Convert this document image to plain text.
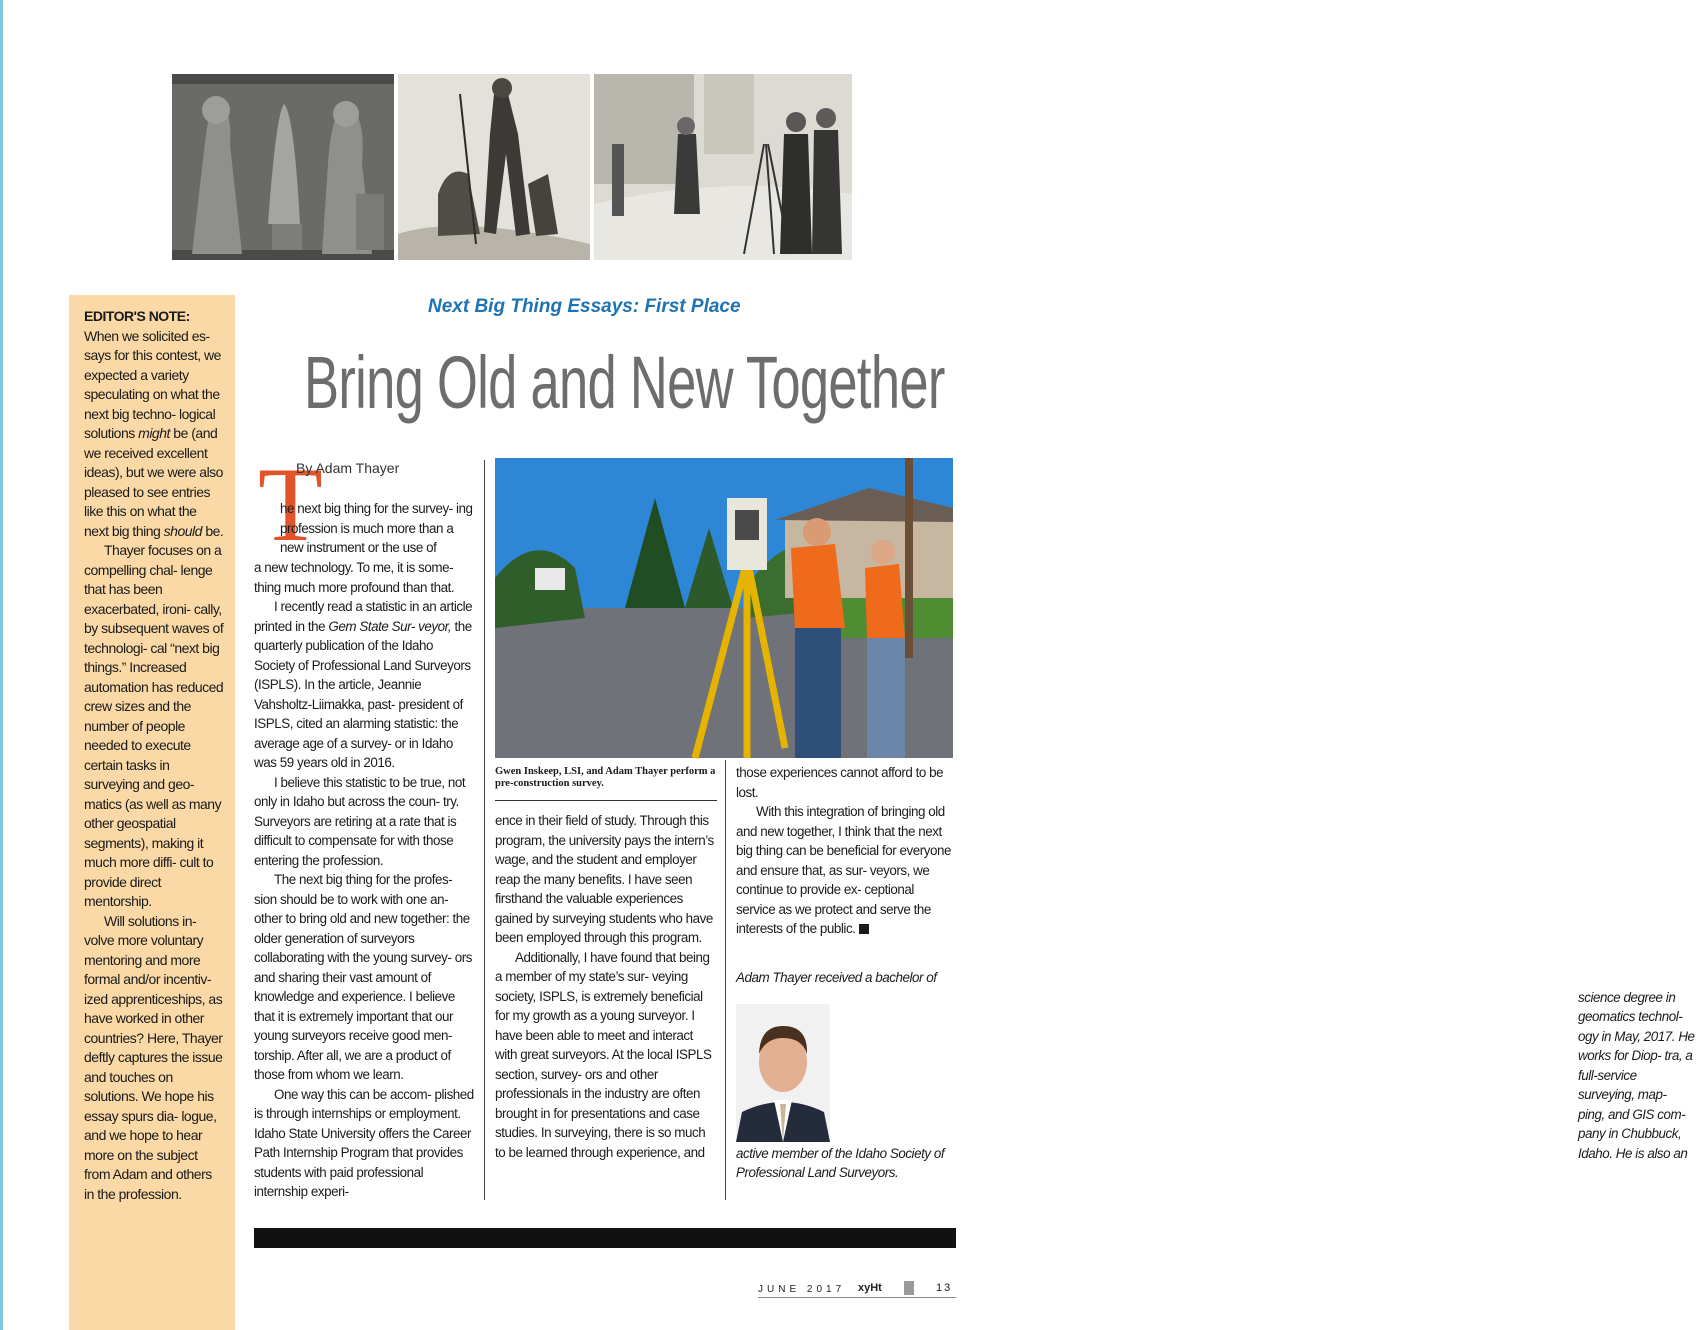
EDITOR'S NOTE:

When we solicited es- says for this contest, we expected a variety speculating on what the next big techno- logical solutions might be (and we received excellent ideas), but we were also pleased to see entries like this on what the next big thing should be.

Thayer focuses on a compelling chal- lenge that has been exacerbated, ironi- cally, by subsequent waves of technologi- cal “next big things.” Increased automation has reduced crew sizes and the number of people needed to execute certain tasks in surveying and geo- matics (as well as many other geospatial segments), making it much more diffi- cult to provide direct mentorship.

Will solutions in- volve more voluntary mentoring and more formal and/or incentiv- ized apprenticeships, as have worked in other countries? Here, Thayer deftly captures the issue and touches on solutions. We hope his essay spurs dia- logue, and we hope to hear more on the subject from Adam and others in the profession.

Next Big Thing Essays: First Place
Bring Old and New Together
T
By Adam Thayer

he next big thing for the survey- ing profession is much more than a new instrument or the use of

a new technology. To me, it is some- thing much more profound than that.

I recently read a statistic in an article printed in the Gem State Sur- veyor, the quarterly publication of the Idaho Society of Professional Land Surveyors (ISPLS). In the article, Jeannie Vahsholtz-Liimakka, past- president of ISPLS, cited an alarming statistic: the average age of a survey- or in Idaho was 59 years old in 2016.

I believe this statistic to be true, not only in Idaho but across the coun- try. Surveyors are retiring at a rate that is difficult to compensate for with those entering the profession.

The next big thing for the profes- sion should be to work with one an- other to bring old and new together: the older generation of surveyors collaborating with the young survey- ors and sharing their vast amount of knowledge and experience. I believe that it is extremely important that our young surveyors receive good men- torship. After all, we are a product of those from whom we learn.

One way this can be accom- plished is through internships or employment. Idaho State University offers the Career Path Internship Program that provides students with paid professional internship experi-

Gwen Inskeep, LSI, and Adam Thayer perform a pre-construction survey.

ence in their field of study. Through this program, the university pays the intern’s wage, and the student and employer reap the many benefits. I have seen firsthand the valuable experiences gained by surveying students who have been employed through this program.

Additionally, I have found that being a member of my state’s sur- veying society, ISPLS, is extremely beneficial for my growth as a young surveyor. I have been able to meet and interact with great surveyors. At the local ISPLS section, survey- ors and other professionals in the industry are often brought in for presentations and case studies. In surveying, there is so much to be learned through experience, and

those experiences cannot afford to be lost.

With this integration of bringing old and new together, I think that the next big thing can be beneficial for everyone and ensure that, as sur- veyors, we continue to provide ex- ceptional service as we protect and serve the interests of the public.

Adam Thayer received a bachelor of
science degree in geomatics technol- ogy in May, 2017. He works for Diop- tra, a full-service surveying, map- ping, and GIS com- pany in Chubbuck, Idaho. He is also an
active member of the Idaho Society of Professional Land Surveyors.
JUNE 2017 xyHt	13
